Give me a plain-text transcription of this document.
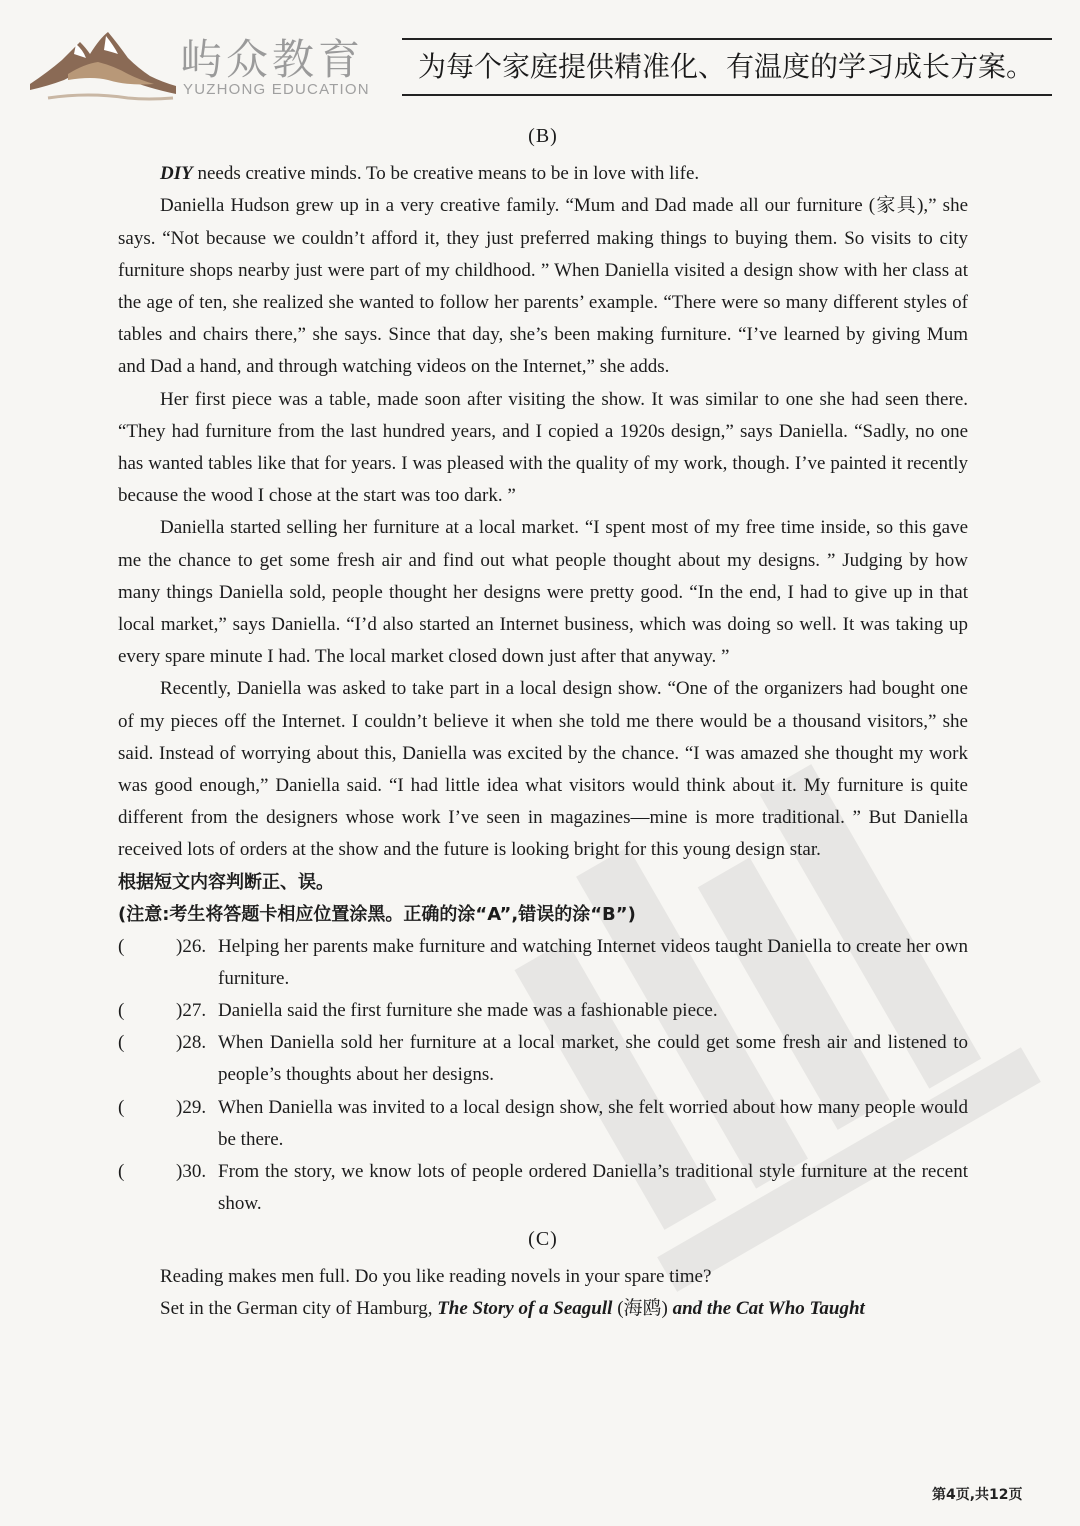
屿众教育
YUZHONG EDUCATION
为每个家庭提供精准化、有温度的学习成长方案。
(B)

DIY needs creative minds. To be creative means to be in love with life.

Daniella Hudson grew up in a very creative family. “Mum and Dad made all our furniture (家具),” she says. “Not because we couldn’t afford it, they just preferred making things to buying them. So visits to city furniture shops nearby just were part of my childhood. ” When Daniella visited a design show with her class at the age of ten, she realized she wanted to follow her parents’ example. “There were so many different styles of tables and chairs there,” she says. Since that day, she’s been making furniture. “I’ve learned by giving Mum and Dad a hand, and through watching videos on the Internet,” she adds.

Her first piece was a table, made soon after visiting the show. It was similar to one she had seen there. “They had furniture from the last hundred years, and I copied a 1920s design,” says Daniella. “Sadly, no one has wanted tables like that for years. I was pleased with the quality of my work, though. I’ve painted it recently because the wood I chose at the start was too dark. ”

Daniella started selling her furniture at a local market. “I spent most of my free time inside, so this gave me the chance to get some fresh air and find out what people thought about my designs. ” Judging by how many things Daniella sold, people thought her designs were pretty good. “In the end, I had to give up in that local market,” says Daniella. “I’d also started an Internet business, which was doing so well. It was taking up every spare minute I had. The local market closed down just after that anyway. ”

Recently, Daniella was asked to take part in a local design show. “One of the organizers had bought one of my pieces off the Internet. I couldn’t believe it when she told me there would be a thousand visitors,” she said. Instead of worrying about this, Daniella was excited by the chance. “I was amazed she thought my work was good enough,” Daniella said. “I had little idea what visitors would think about it. My furniture is quite different from the designers whose work I’ve seen in magazines—mine is more traditional. ” But Daniella received lots of orders at the show and the future is looking bright for this young design star.

根据短文内容判断正、误。
(注意:考生将答题卡相应位置涂黑。正确的涂“A”,错误的涂“B”)
(	)26. Helping her parents make furniture and watching Internet videos taught Daniella to create her own furniture.
(	)27. Daniella said the first furniture she made was a fashionable piece.
(	)28. When Daniella sold her furniture at a local market, she could get some fresh air and listened to people’s thoughts about her designs.
(	)29. When Daniella was invited to a local design show, she felt worried about how many people would be there.
(	)30. From the story, we know lots of people ordered Daniella’s traditional style furniture at the recent show.
(C)

Reading makes men full. Do you like reading novels in your spare time?

Set in the German city of Hamburg, The Story of a Seagull (海鸥) and the Cat Who Taught

第4页,共12页
